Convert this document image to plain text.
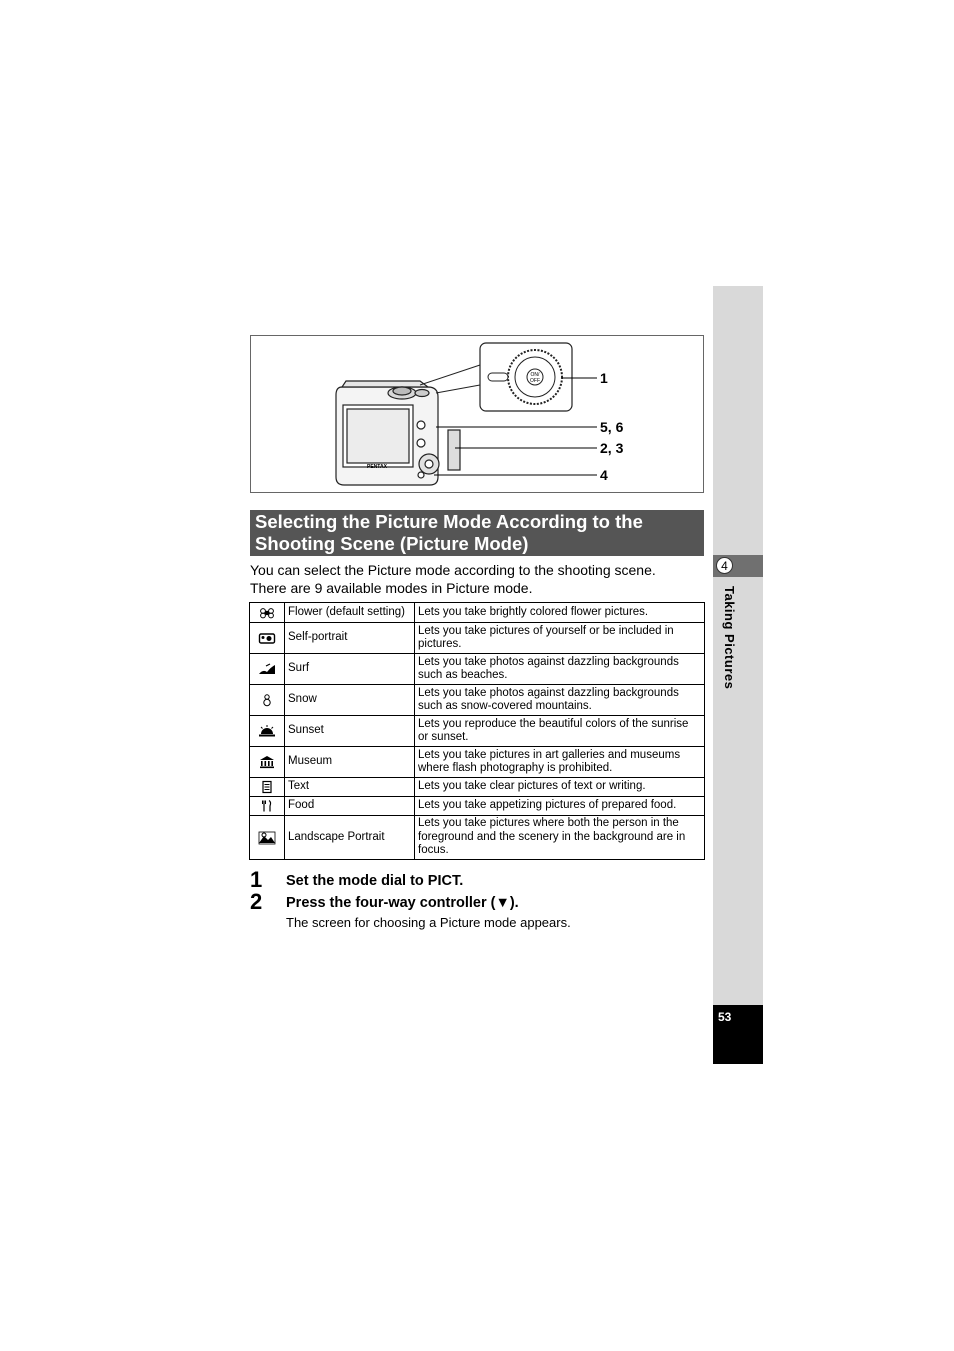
4
Taking Pictures
53
PENTAX
ON/
OFF	1
5, 6
2, 3
4
Selecting the Picture Mode According to the
Shooting Scene (Picture Mode)
You can select the Picture mode according to the shooting scene.
There are 9 available modes in Picture mode.
	Flower (default setting)	Lets you take brightly colored flower pictures.

	Self-portrait	Lets you take pictures of yourself or be included in pictures.

	Surf	Lets you take photos against dazzling backgrounds such as beaches.

	Snow	Lets you take photos against dazzling backgrounds such as snow-covered mountains.

	Sunset	Lets you reproduce the beautiful colors of the sunrise or sunset.

	Museum	Lets you take pictures in art galleries and museums where flash photography is prohibited.

	Text	Lets you take clear pictures of text or writing.

	Food	Lets you take appetizing pictures of prepared food.

	Landscape Portrait	Lets you take pictures where both the person in the foreground and the scenery in the background are in focus.
1 Set the mode dial to PICT.
2 Press the four-way controller (▼).
The screen for choosing a Picture mode appears.
